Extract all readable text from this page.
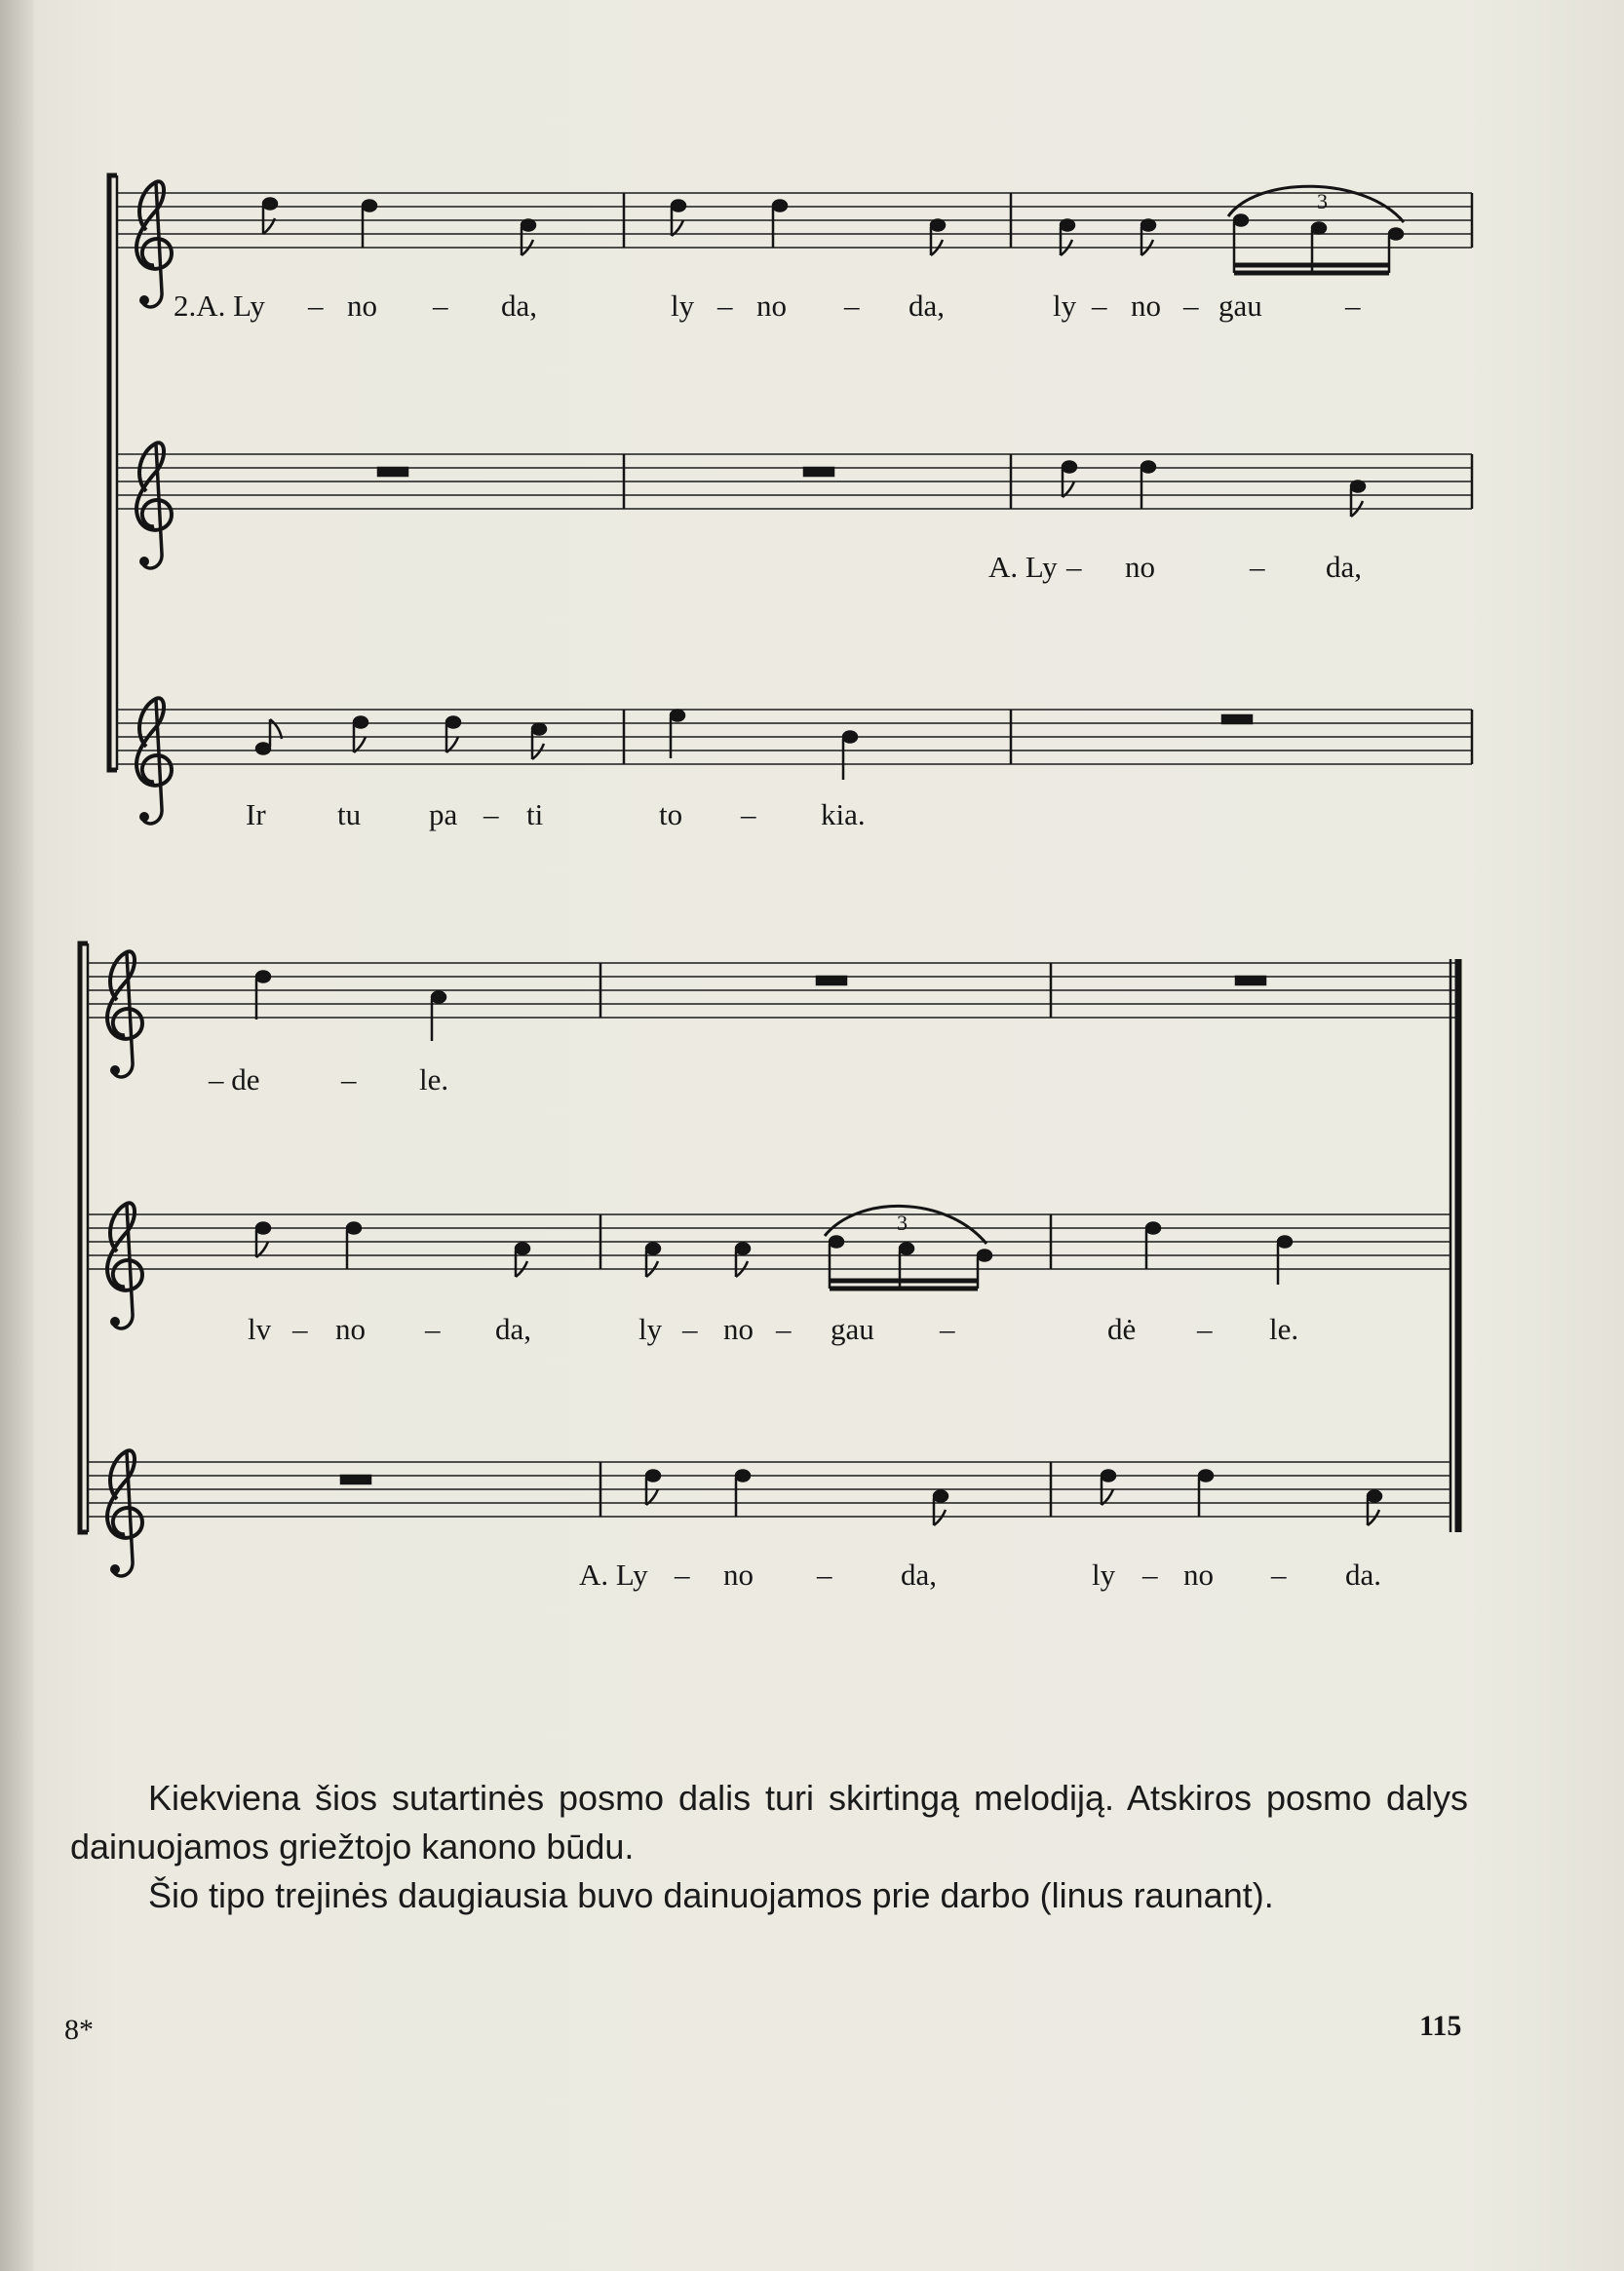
3
3
2.A. Ly – no – da,	ly – no – da,	ly – no – gau	–
A. Ly – no	– da,
Ir tu pa – ti	to – kia.
– de	– le.
lv – no – da,	ly – no – gau –	dė – le.
A. Ly – no – da,	ly – no – da.

Kiekviena šios sutartinės posmo dalis turi skirtingą melodiją. Atskiros posmo dalys dainuojamos griežtojo kanono būdu.

Šio tipo trejinės daugiausia buvo dainuojamos prie darbo (linus raunant).

8*	115
